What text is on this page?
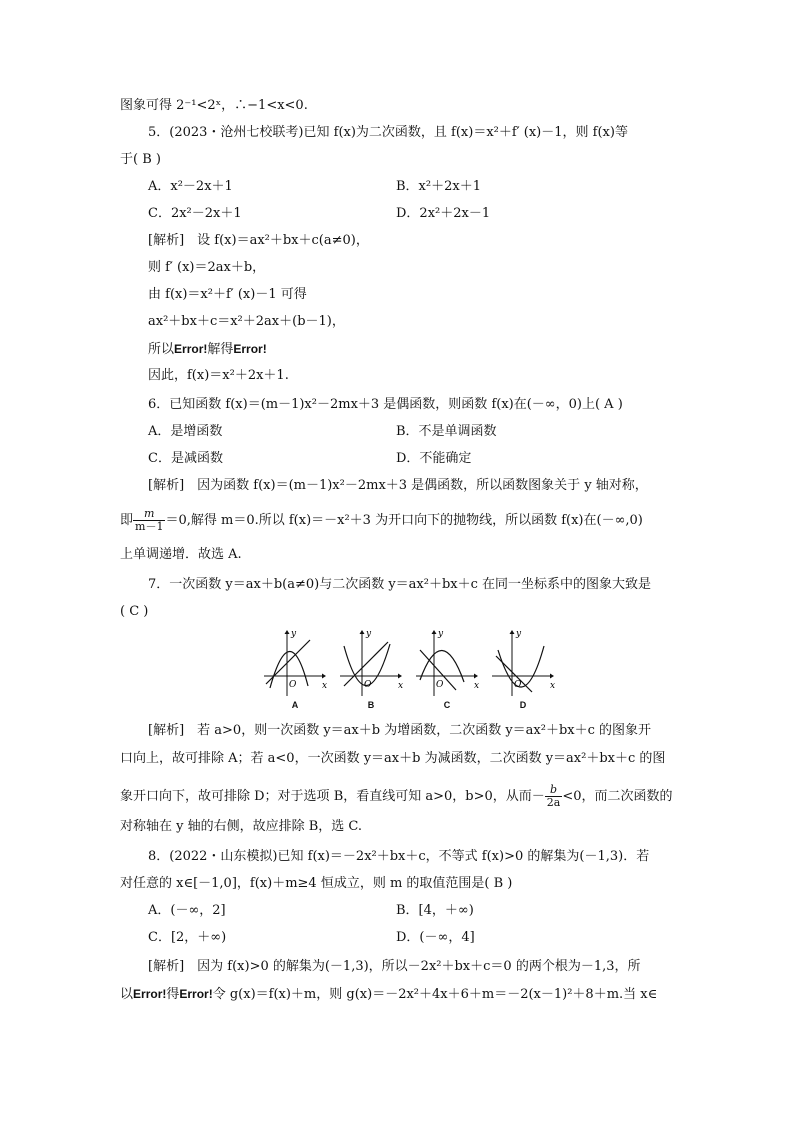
图象可得 2⁻¹<2ˣ，∴−1<x<0.
5．(2023・沧州七校联考)已知 f(x)为二次函数，且 f(x)＝x²＋f′ (x)－1，则 f(x)等
于( B )
A．x²－2x＋1	B．x²＋2x＋1
C．2x²－2x＋1	D．2x²＋2x－1
[解析]　设 f(x)＝ax²＋bx＋c(a≠0)，
则 f′ (x)＝2ax＋b，
由 f(x)＝x²＋f′ (x)－1 可得
ax²＋bx＋c＝x²＋2ax＋(b－1)，
所以Error!解得Error!
因此，f(x)＝x²＋2x＋1.
6．已知函数 f(x)＝(m－1)x²－2mx＋3 是偶函数，则函数 f(x)在(－∞，0)上( A )
A．是增函数	B．不是单调函数
C．是减函数	D．不能确定
[解析]　因为函数 f(x)＝(m－1)x²－2mx＋3 是偶函数，所以函数图象关于 y 轴对称，
即 $\frac{m}{m-1} =0$,解得 m＝0.所以 f(x)＝－x²＋3 为开口向下的抛物线，所以函数 f(x)在(－∞,0)
上单调递增．故选 A.
7．一次函数 y＝ax＋b(a≠0)与二次函数 y＝ax²＋bx＋c 在同一坐标系中的图象大致是
( C )
y
x
O
A
y
x
O
B
y
x
O
C
y
x
O
D
[解析]　若 a>0，则一次函数 y＝ax＋b 为增函数，二次函数 y＝ax²＋bx＋c 的图象开
口向上，故可排除 A；若 a<0，一次函数 y＝ax＋b 为减函数，二次函数 y＝ax²＋bx＋c 的图
象开口向下，故可排除 D；对于选项 B，看直线可知 a>0，b>0，从而－ $\frac{b}{2a} <0$，而二次函数的
对称轴在 y 轴的右侧，故应排除 B，选 C.
8．(2022・山东模拟)已知 f(x)＝－2x²＋bx＋c，不等式 f(x)>0 的解集为(－1,3)．若
对任意的 x∈[－1,0]，f(x)＋m≥4 恒成立，则 m 的取值范围是( B )
A．(－∞，2]	B．[4，＋∞)
C．[2，＋∞)	D．(－∞，4]
[解析]　因为 f(x)>0 的解集为(－1,3)，所以－2x²＋bx＋c＝0 的两个根为－1,3，所
以Error!得Error!令 g(x)＝f(x)＋m，则 g(x)＝－2x²＋4x＋6＋m＝－2(x－1)²＋8＋m.当 x∈
